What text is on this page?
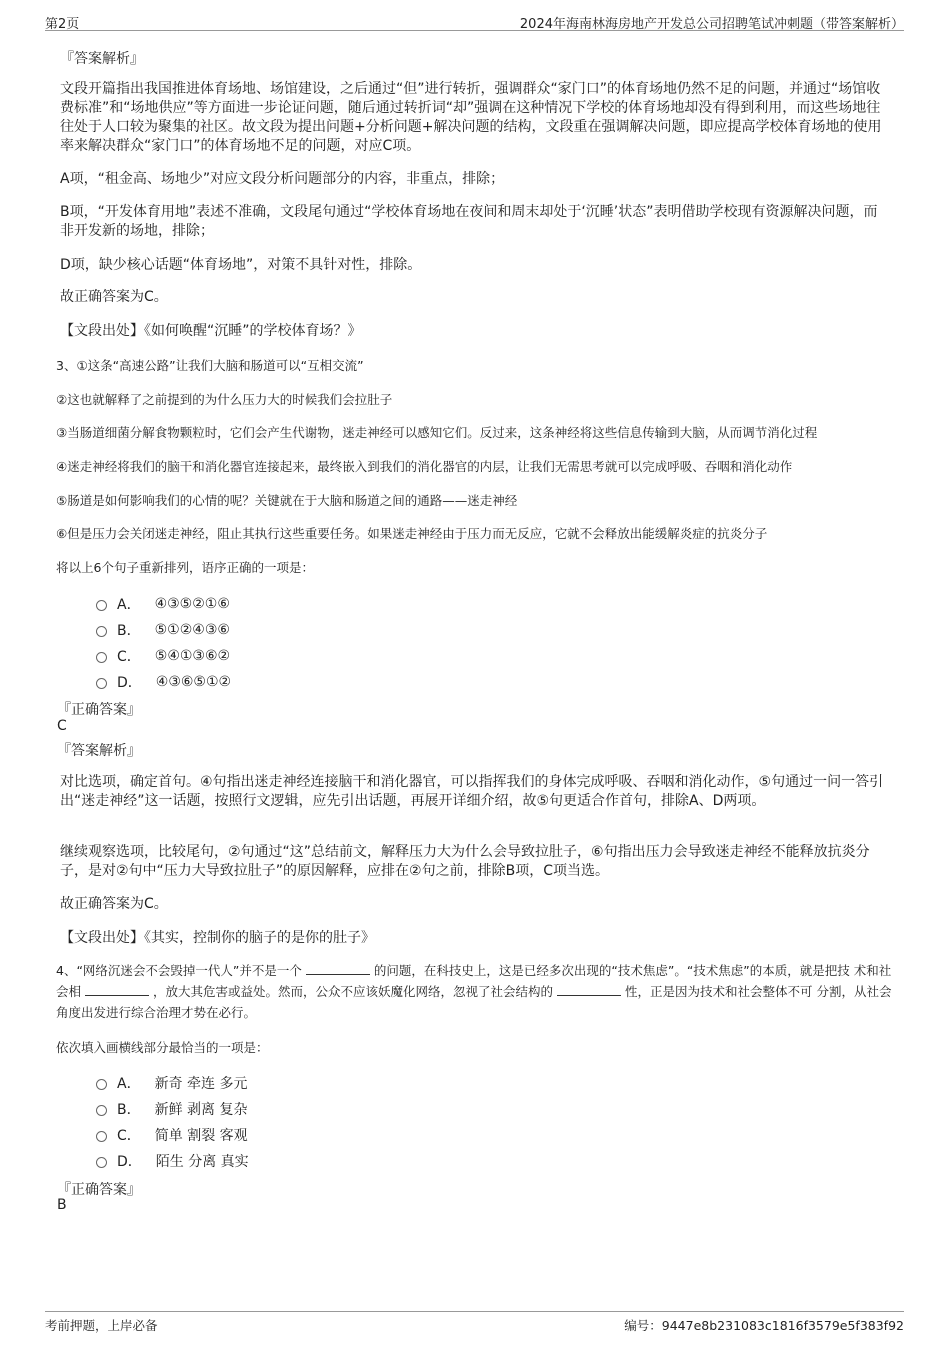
第2页	2024年海南林海房地产开发总公司招聘笔试冲刺题（带答案解析）
『答案解析』
文段开篇指出我国推进体育场地、场馆建设，之后通过“但”进行转折，强调群众“家门口”的体育场地仍然不足的问题，并通过“场馆收费标准”和“场地供应”等方面进一步论证问题，随后通过转折词“却”强调在这种情况下学校的体育场地却没有得到利用，而这些场地往往处于人口较为聚集的社区。故文段为提出问题+分析问题+解决问题的结构，文段重在强调解决问题，即应提高学校体育场地的使用率来解决群众“家门口”的体育场地不足的问题，对应C项。
A项，“租金高、场地少”对应文段分析问题部分的内容，非重点，排除；
B项，“开发体育用地”表述不准确，文段尾句通过“学校体育场地在夜间和周末却处于‘沉睡’状态”表明借助学校现有资源解决问题，而非开发新的场地，排除；
D项，缺少核心话题“体育场地”，对策不具针对性，排除。
故正确答案为C。
【文段出处】《如何唤醒“沉睡”的学校体育场？》
3、①这条“高速公路”让我们大脑和肠道可以“互相交流”
②这也就解释了之前提到的为什么压力大的时候我们会拉肚子
③当肠道细菌分解食物颗粒时，它们会产生代谢物，迷走神经可以感知它们。反过来，这条神经将这些信息传输到大脑，从而调节消化过程
④迷走神经将我们的脑干和消化器官连接起来，最终嵌入到我们的消化器官的内层，让我们无需思考就可以完成呼吸、吞咽和消化动作
⑤肠道是如何影响我们的心情的呢？关键就在于大脑和肠道之间的通路——迷走神经
⑥但是压力会关闭迷走神经，阻止其执行这些重要任务。如果迷走神经由于压力而无反应，它就不会释放出能缓解炎症的抗炎分子
将以上6个句子重新排列，语序正确的一项是：
A． ④③⑤②①⑥
B． ⑤①②④③⑥
C． ⑤④①③⑥②
D． ④③⑥⑤①②
『正确答案』
C
『答案解析』
对比选项，确定首句。④句指出迷走神经连接脑干和消化器官，可以指挥我们的身体完成呼吸、吞咽和消化动作，⑤句通过一问一答引出“迷走神经”这一话题，按照行文逻辑，应先引出话题，再展开详细介绍，故⑤句更适合作首句，排除A、D两项。
继续观察选项，比较尾句，②句通过“这”总结前文，解释压力大为什么会导致拉肚子，⑥句指出压力会导致迷走神经不能释放抗炎分子，是对②句中“压力大导致拉肚子”的原因解释，应排在②句之前，排除B项，C项当选。
故正确答案为C。
【文段出处】《其实，控制你的脑子的是你的肚子》
4、“网络沉迷会不会毁掉一代人”并不是一个	的问题，在科技史上，这是已经多次出现的“技术焦虑”。“技术焦虑”的本质，就是把技 术和社会相	，放大其危害或益处。然而，公众不应该妖魔化网络，忽视了社会结构的	性，正是因为技术和社会整体不可 分割，从社会角度出发进行综合治理才势在必行。
依次填入画横线部分最恰当的一项是：
A． 新奇 牵连 多元
B． 新鲜 剥离 复杂
C． 简单 割裂 客观
D． 陌生 分离 真实
『正确答案』
B
考前押题，上岸必备	编号：9447e8b231083c1816f3579e5f383f92
